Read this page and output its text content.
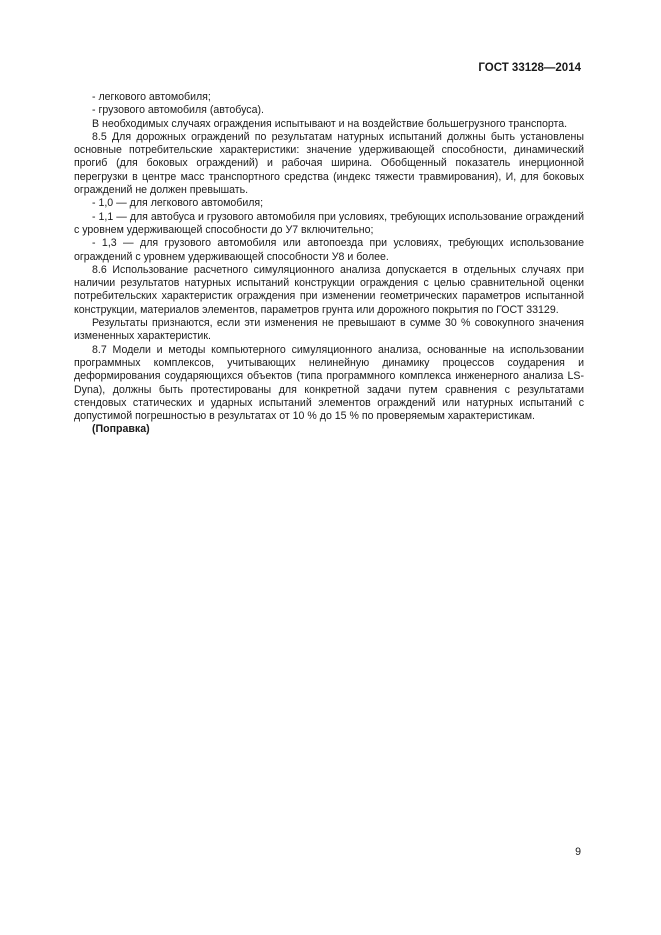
ГОСТ 33128—2014

- легкового автомобиля;

- грузового автомобиля (автобуса).

В необходимых случаях ограждения испытывают и на воздействие большегрузного транспорта.

8.5 Для дорожных ограждений по результатам натурных испытаний должны быть установлены основные потребительские характеристики: значение удерживающей способности, динамический прогиб (для боковых ограждений) и рабочая ширина. Обобщенный показатель инерционной перегрузки в центре масс транспортного средства (индекс тяжести травмирования), И, для боковых ограждений не должен превышать.

- 1,0 — для легкового автомобиля;

- 1,1 — для автобуса и грузового автомобиля при условиях, требующих использование ограждений с уровнем удерживающей способности до У7 включительно;

- 1,3 — для грузового автомобиля или автопоезда при условиях, требующих использование ограждений с уровнем удерживающей способности У8 и более.

8.6 Использование расчетного симуляционного анализа допускается в отдельных случаях при наличии результатов натурных испытаний конструкции ограждения с целью сравнительной оценки потребительских характеристик ограждения при изменении геометрических параметров испытанной конструкции, материалов элементов, параметров грунта или дорожного покрытия по ГОСТ 33129.

Результаты признаются, если эти изменения не превышают в сумме 30 % совокупного значения измененных характеристик.

8.7 Модели и методы компьютерного симуляционного анализа, основанные на использовании программных комплексов, учитывающих нелинейную динамику процессов соударения и деформирования соударяющихся объектов (типа программного комплекса инженерного анализа LS-Dyna), должны быть протестированы для конкретной задачи путем сравнения с результатами стендовых статических и ударных испытаний элементов ограждений или натурных испытаний с допустимой погрешностью в результатах от 10 % до 15 % по проверяемым характеристикам.

(Поправка)

9
